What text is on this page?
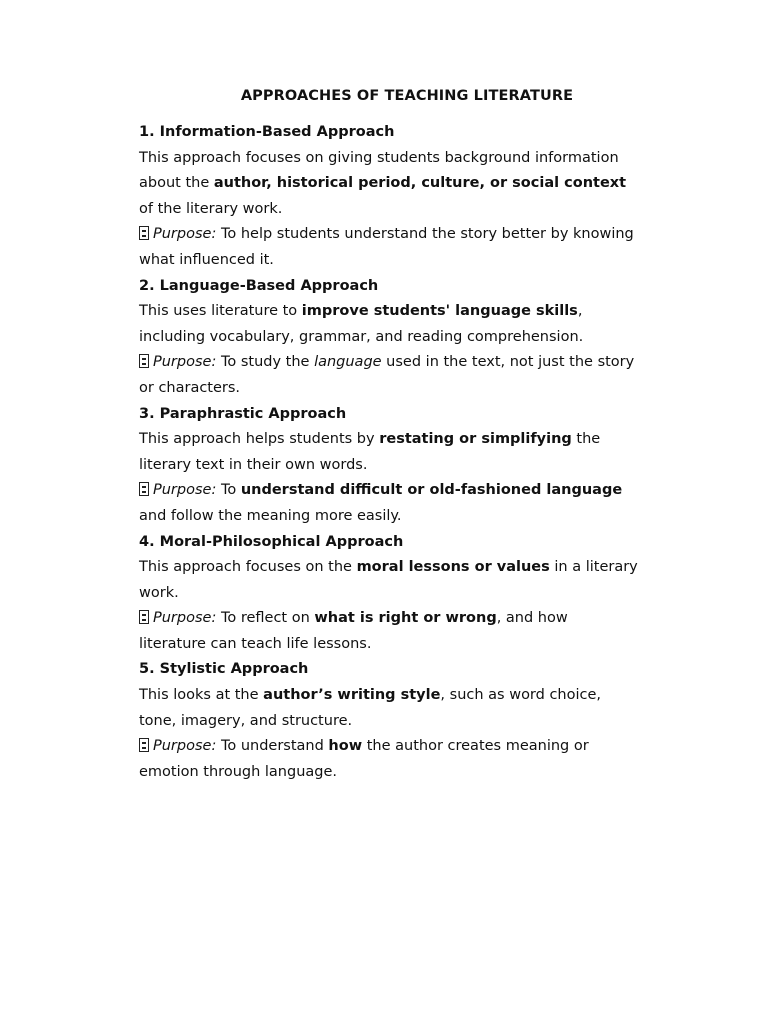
APPROACHES OF TEACHING LITERATURE
1. Information-Based Approach
This approach focuses on giving students background information
about the author, historical period, culture, or social context
of the literary work.
Purpose: To help students understand the story better by knowing
what influenced it.
2. Language-Based Approach
This uses literature to improve students' language skills,
including vocabulary, grammar, and reading comprehension.
Purpose: To study the language used in the text, not just the story
or characters.
3. Paraphrastic Approach
This approach helps students by restating or simplifying the
literary text in their own words.
Purpose: To understand difficult or old-fashioned language
and follow the meaning more easily.
4. Moral-Philosophical Approach
This approach focuses on the moral lessons or values in a literary
work.
Purpose: To reflect on what is right or wrong, and how
literature can teach life lessons.
5. Stylistic Approach
This looks at the author’s writing style, such as word choice,
tone, imagery, and structure.
Purpose: To understand how the author creates meaning or
emotion through language.
